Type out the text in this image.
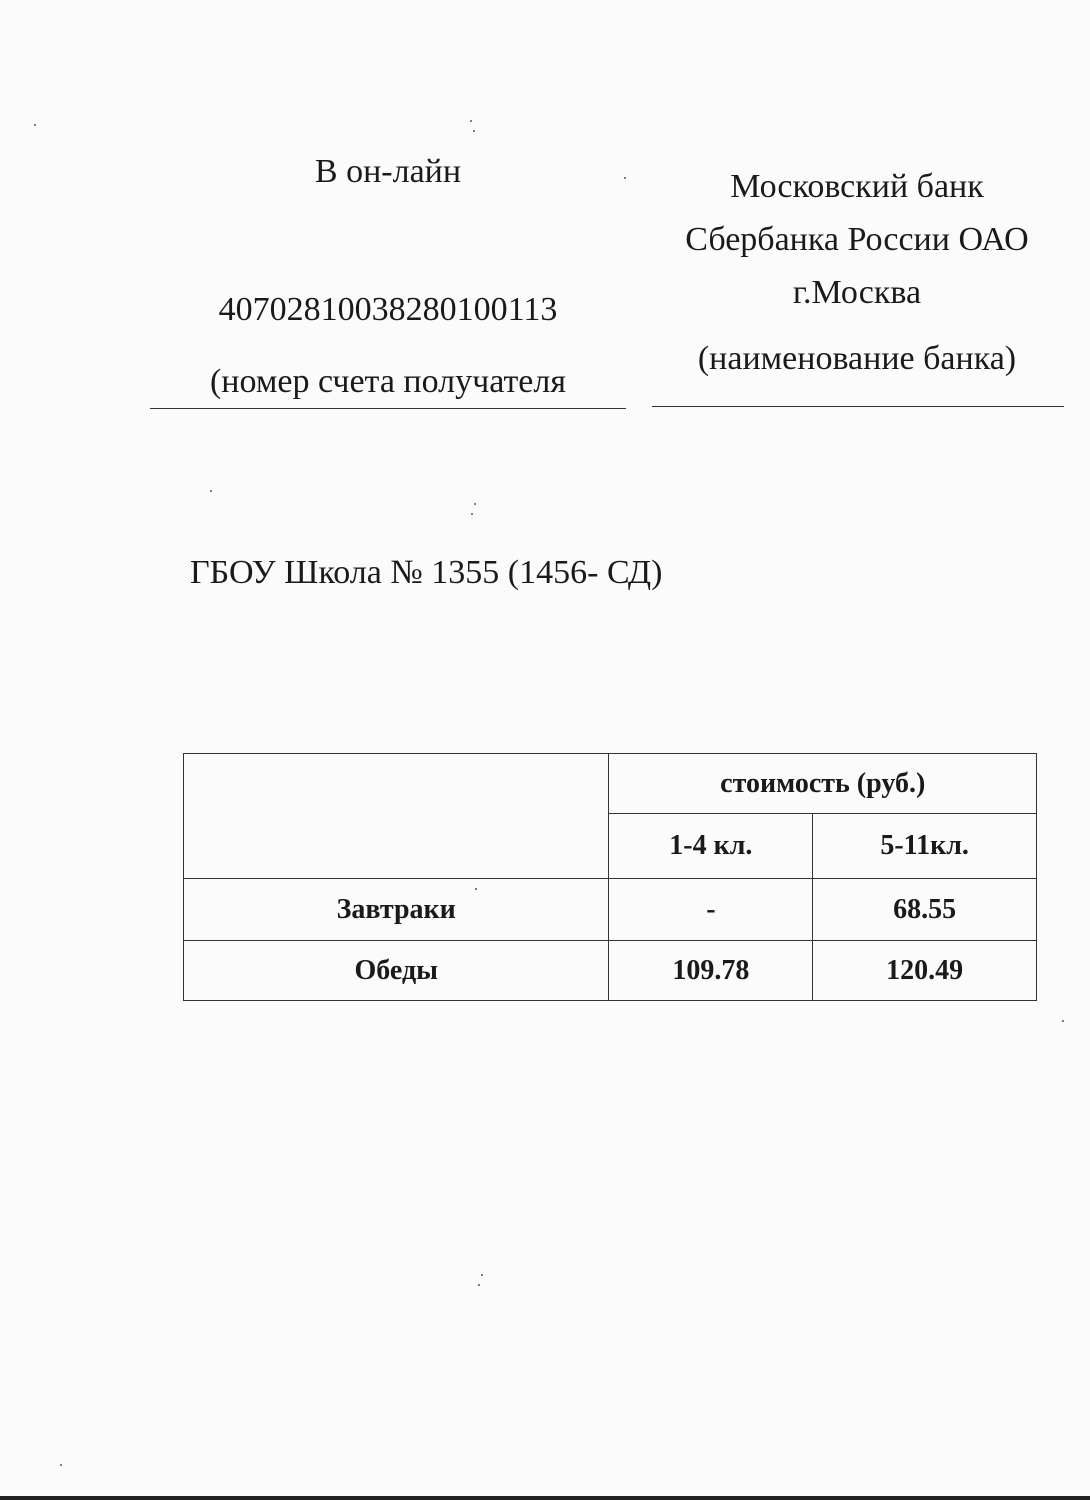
В он-лайн
40702810038280100113
(номер счета получателя
Московский банк
Сбербанка России ОАО
г.Москва
(наименование банка)
ГБОУ Школа № 1355 (1456- СД)
	стоимость (руб.)	
	1-4 кл.	5-11кл.
Завтраки	-	68.55
Обеды	109.78	120.49
